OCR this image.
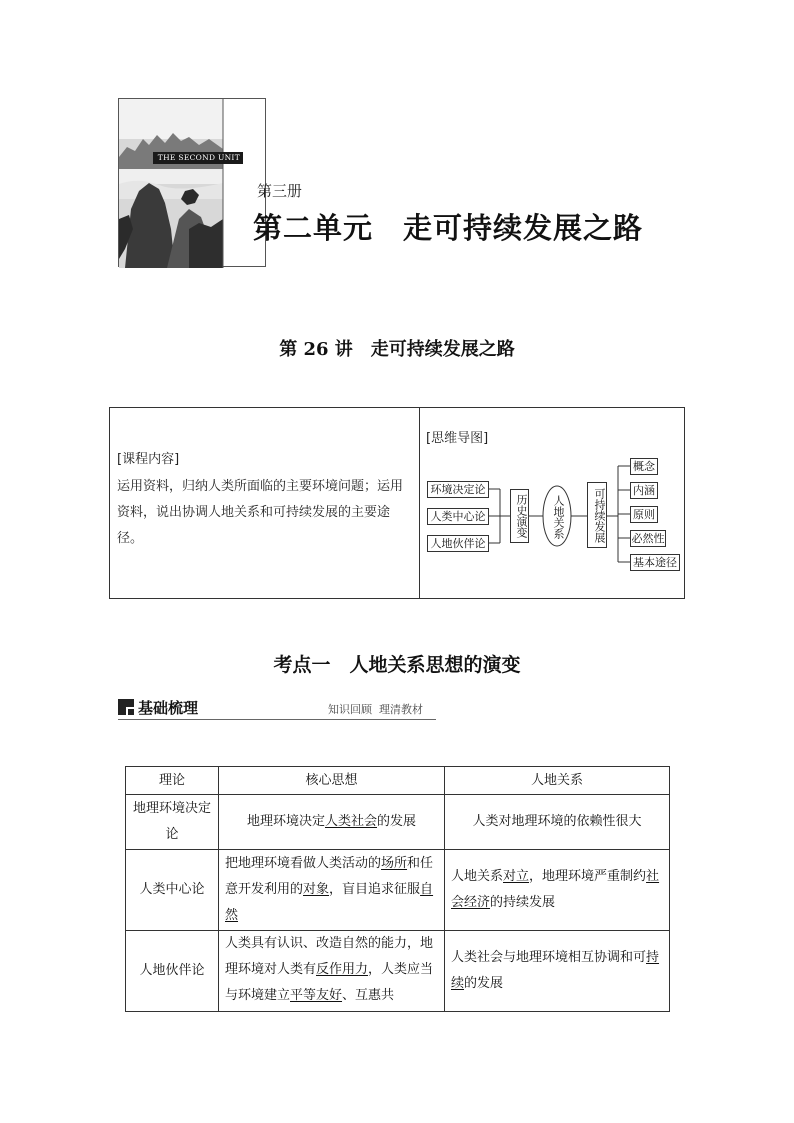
THE SECOND UNIT
第三册
第二单元　走可持续发展之路
第 26 讲　走可持续发展之路
[课程内容]
运用资料，归纳人类所面临的主要环境问题；运用资料，说出协调人地关系和可持续发展的主要途径。
[思维导图]
环境决定论
人类中心论
人地伙伴论
历史演变 人地关系	可持续发展
概念
内涵
原则
必然性
基本途径
考点一　人地关系思想的演变
基础梳理	知识回顾  理清教材
理论	核心思想	人地关系
地理环境决定论	地理环境决定人类社会的发展	人类对地理环境的依赖性很大
人类中心论	把地理环境看做人类活动的场所和任意开发利用的对象，盲目追求征服自然	人地关系对立，地理环境严重制约社会经济的持续发展
人地伙伴论	人类具有认识、改造自然的能力，地理环境对人类有反作用力，人类应当与环境建立平等友好、互惠共	人类社会与地理环境相互协调和可持续的发展
